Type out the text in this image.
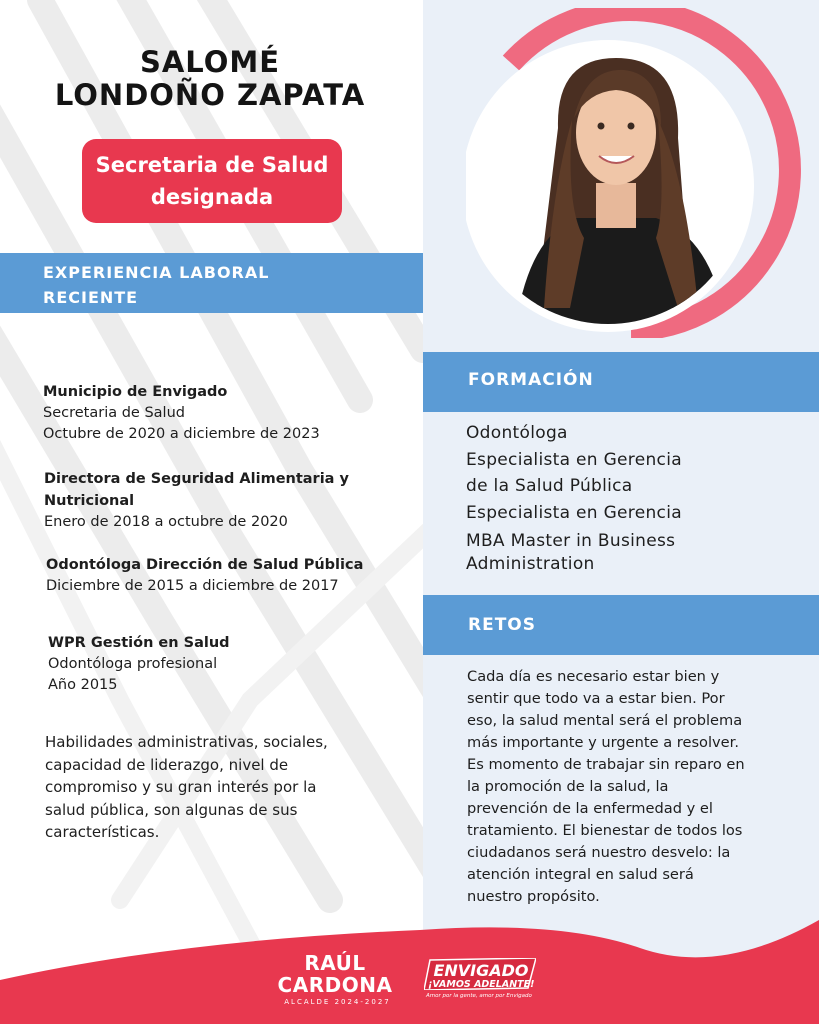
SALOMÉ
LONDOÑO ZAPATA
Secretaria de Salud
designada
EXPERIENCIA LABORAL
RECIENTE
Municipio de Envigado
Secretaria de Salud
Octubre de 2020 a diciembre de 2023
Directora de Seguridad Alimentaria y
Nutricional
Enero de 2018 a octubre de 2020
Odontóloga Dirección de Salud Pública
Diciembre de 2015 a diciembre de 2017
WPR Gestión en Salud
Odontóloga profesional
Año 2015
Habilidades administrativas, sociales,
capacidad de liderazgo, nivel de
compromiso y su gran interés por la
salud pública, son algunas de sus
características.
FORMACIÓN
Odontóloga
Especialista en Gerencia
de la Salud Pública
Especialista en Gerencia
MBA Master in Business
Administration
RETOS
Cada día es necesario estar bien y
sentir que todo va a estar bien. Por
eso, la salud mental será el problema
más importante y urgente a resolver.
Es momento de trabajar sin reparo en
la promoción de la salud, la
prevención de la enfermedad y el
tratamiento. El bienestar de todos los
ciudadanos será nuestro desvelo: la
atención integral en salud será
nuestro propósito.
RAÚL
CARDONA
ALCALDE 2024-2027
ENVIGADO
¡VAMOS ADELANTE!
Amor por la gente, amor por Envigado
